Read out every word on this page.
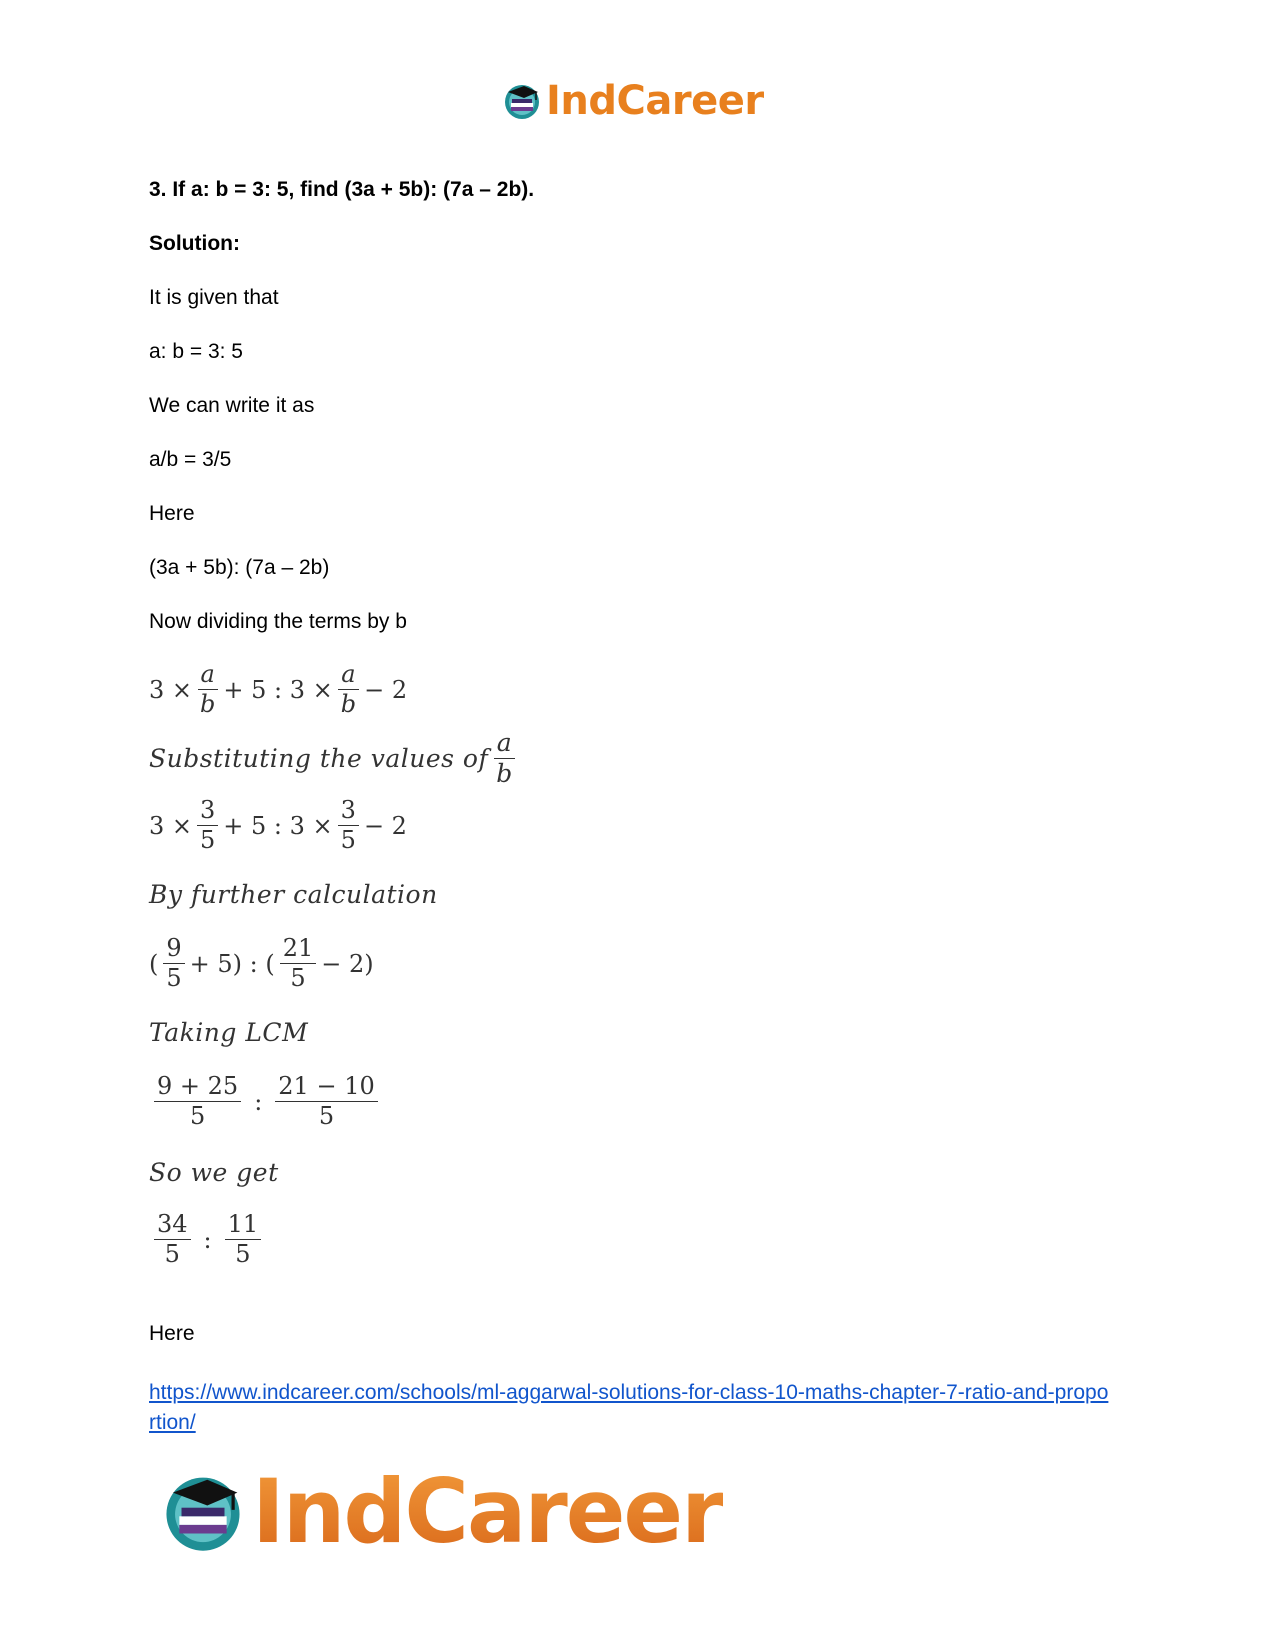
IndCareer
3. If a: b = 3: 5, find (3a + 5b): (7a – 2b).
Solution:
It is given that
a: b = 3: 5
We can write it as
a/b = 3/5
Here
(3a + 5b): (7a – 2b)
Now dividing the terms by b
$3 \times \frac{a}{b} + 5$ : $3 \times \frac{a}{b} - 2$
Substituting the values of $\frac{a}{b}$
$3 \times \frac{3}{5} + 5$ : $3 \times \frac{3}{5} - 2$
By further calculation
( $\frac{9}{5} + 5$) : ( $\frac{21}{5} - 2$)
Taking LCM
$\frac{9 + 25}{5}$ : $\frac{21 - 10}{5}$
So we get
$\frac{34}{5}$ : $\frac{11}{5}$
Here
https://www.indcareer.com/schools/ml-aggarwal-solutions-for-class-10-maths-chapter-7-ratio-and-proportion/
IndCareer
